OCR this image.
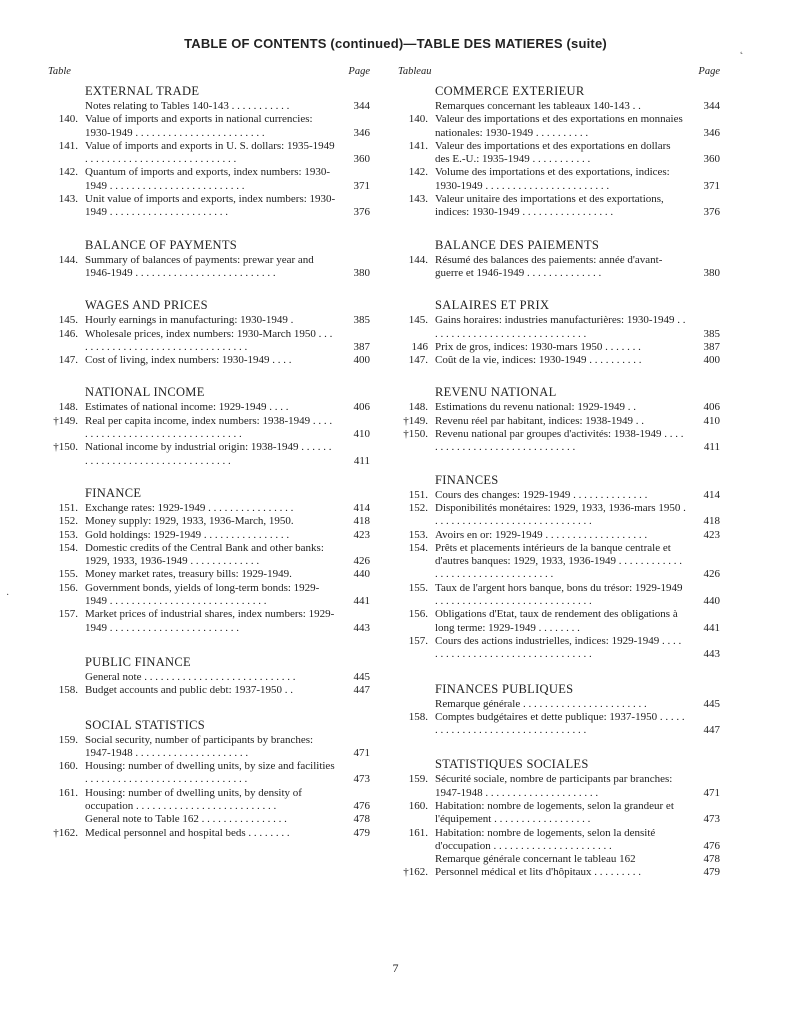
TABLE OF CONTENTS (continued)—TABLE DES MATIERES (suite)
Table	Page
EXTERNAL TRADE
Notes relating to Tables 140-143 . . . . . . . . . . .	344
140. Value of imports and exports in national currencies: 1930-1949 . . . . . . . . . . . . . . . . . . . . . . . .	346
141. Value of imports and exports in U. S. dollars: 1935-1949 . . . . . . . . . . . . . . . . . . . . . . . . . . . .	360
142. Quantum of imports and exports, index numbers: 1930-1949 . . . . . . . . . . . . . . . . . . . . . . . . .	371
143. Unit value of imports and exports, index numbers: 1930-1949 . . . . . . . . . . . . . . . . . . . . . .	376
BALANCE OF PAYMENTS
144. Summary of balances of payments: prewar year and 1946-1949 . . . . . . . . . . . . . . . . . . . . . . . . . .	380
WAGES AND PRICES
145. Hourly earnings in manufacturing: 1930-1949 .	385
146. Wholesale prices, index numbers: 1930-March 1950 . . . . . . . . . . . . . . . . . . . . . . . . . . . . . . . . .	387
147. Cost of living, index numbers: 1930-1949 . . . .	400
NATIONAL INCOME
148. Estimates of national income: 1929-1949 . . . .	406
†149. Real per capita income, index numbers: 1938-1949 . . . . . . . . . . . . . . . . . . . . . . . . . . . . . . . . .	410
†150. National income by industrial origin: 1938-1949 . . . . . . . . . . . . . . . . . . . . . . . . . . . . . . . . .	411
FINANCE
151. Exchange rates: 1929-1949 . . . . . . . . . . . . . . . .	414
152. Money supply: 1929, 1933, 1936-March, 1950.	418
153. Gold holdings: 1929-1949 . . . . . . . . . . . . . . . .	423
154. Domestic credits of the Central Bank and other banks: 1929, 1933, 1936-1949 . . . . . . . . . . . . .	426
155. Money market rates, treasury bills: 1929-1949.	440
156. Government bonds, yields of long-term bonds: 1929-1949 . . . . . . . . . . . . . . . . . . . . . . . . . . . . .	441
157. Market prices of industrial shares, index numbers: 1929-1949 . . . . . . . . . . . . . . . . . . . . . . . .	443
PUBLIC FINANCE
General note . . . . . . . . . . . . . . . . . . . . . . . . . . . .	445
158. Budget accounts and public debt: 1937-1950 . .	447
SOCIAL STATISTICS
159. Social security, number of participants by branches: 1947-1948 . . . . . . . . . . . . . . . . . . . . .	471
160. Housing: number of dwelling units, by size and facilities . . . . . . . . . . . . . . . . . . . . . . . . . . . . . .	473
161. Housing: number of dwelling units, by density of occupation . . . . . . . . . . . . . . . . . . . . . . . . . .	476
General note to Table 162 . . . . . . . . . . . . . . . .	478
†162. Medical personnel and hospital beds . . . . . . . .	479
Tableau	Page
COMMERCE EXTERIEUR
Remarques concernant les tableaux 140-143 . .	344
140. Valeur des importations et des exportations en monnaies nationales: 1930-1949 . . . . . . . . . .	346
141. Valeur des importations et des exportations en dollars des E.-U.: 1935-1949 . . . . . . . . . . .	360
142. Volume des importations et des exportations, indices: 1930-1949 . . . . . . . . . . . . . . . . . . . . . . .	371
143. Valeur unitaire des importations et des exportations, indices: 1930-1949 . . . . . . . . . . . . . . . . .	376
BALANCE DES PAIEMENTS
144. Résumé des balances des paiements: année d'avant-guerre et 1946-1949 . . . . . . . . . . . . . .	380
SALAIRES ET PRIX
145. Gains horaires: industries manufacturières: 1930-1949 . . . . . . . . . . . . . . . . . . . . . . . . . . . . . .	385
146 Prix de gros, indices: 1930-mars 1950 . . . . . . .	387
147. Coût de la vie, indices: 1930-1949 . . . . . . . . . .	400
REVENU NATIONAL
148. Estimations du revenu national: 1929-1949 . .	406
†149. Revenu réel par habitant, indices: 1938-1949 . .	410
†150. Revenu national par groupes d'activités: 1938-1949 . . . . . . . . . . . . . . . . . . . . . . . . . . . . . .	411
FINANCES
151. Cours des changes: 1929-1949 . . . . . . . . . . . . . .	414
152. Disponibilités monétaires: 1929, 1933, 1936-mars 1950 . . . . . . . . . . . . . . . . . . . . . . . . . . . . . .	418
153. Avoirs en or: 1929-1949 . . . . . . . . . . . . . . . . . . .	423
154. Prêts et placements intérieurs de la banque centrale et d'autres banques: 1929, 1933, 1936-1949 . . . . . . . . . . . . . . . . . . . . . . . . . . . . . . . . . .	426
155. Taux de l'argent hors banque, bons du trésor: 1929-1949 . . . . . . . . . . . . . . . . . . . . . . . . . . . . .	440
156. Obligations d'Etat, taux de rendement des obligations à long terme: 1929-1949 . . . . . . . .	441
157. Cours des actions industrielles, indices: 1929-1949 . . . . . . . . . . . . . . . . . . . . . . . . . . . . . . . . .	443
FINANCES PUBLIQUES
Remarque générale . . . . . . . . . . . . . . . . . . . . . . .	445
158. Comptes budgétaires et dette publique: 1937-1950 . . . . . . . . . . . . . . . . . . . . . . . . . . . . . . . . .	447
STATISTIQUES SOCIALES
159. Sécurité sociale, nombre de participants par branches: 1947-1948 . . . . . . . . . . . . . . . . . . . . .	471
160. Habitation: nombre de logements, selon la grandeur et l'équipement . . . . . . . . . . . . . . . . . .	473
161. Habitation: nombre de logements, selon la densité d'occupation . . . . . . . . . . . . . . . . . . . . . .	476
Remarque générale concernant le tableau 162	478
†162. Personnel médical et lits d'hôpitaux . . . . . . . . .	479
7
˛
·
